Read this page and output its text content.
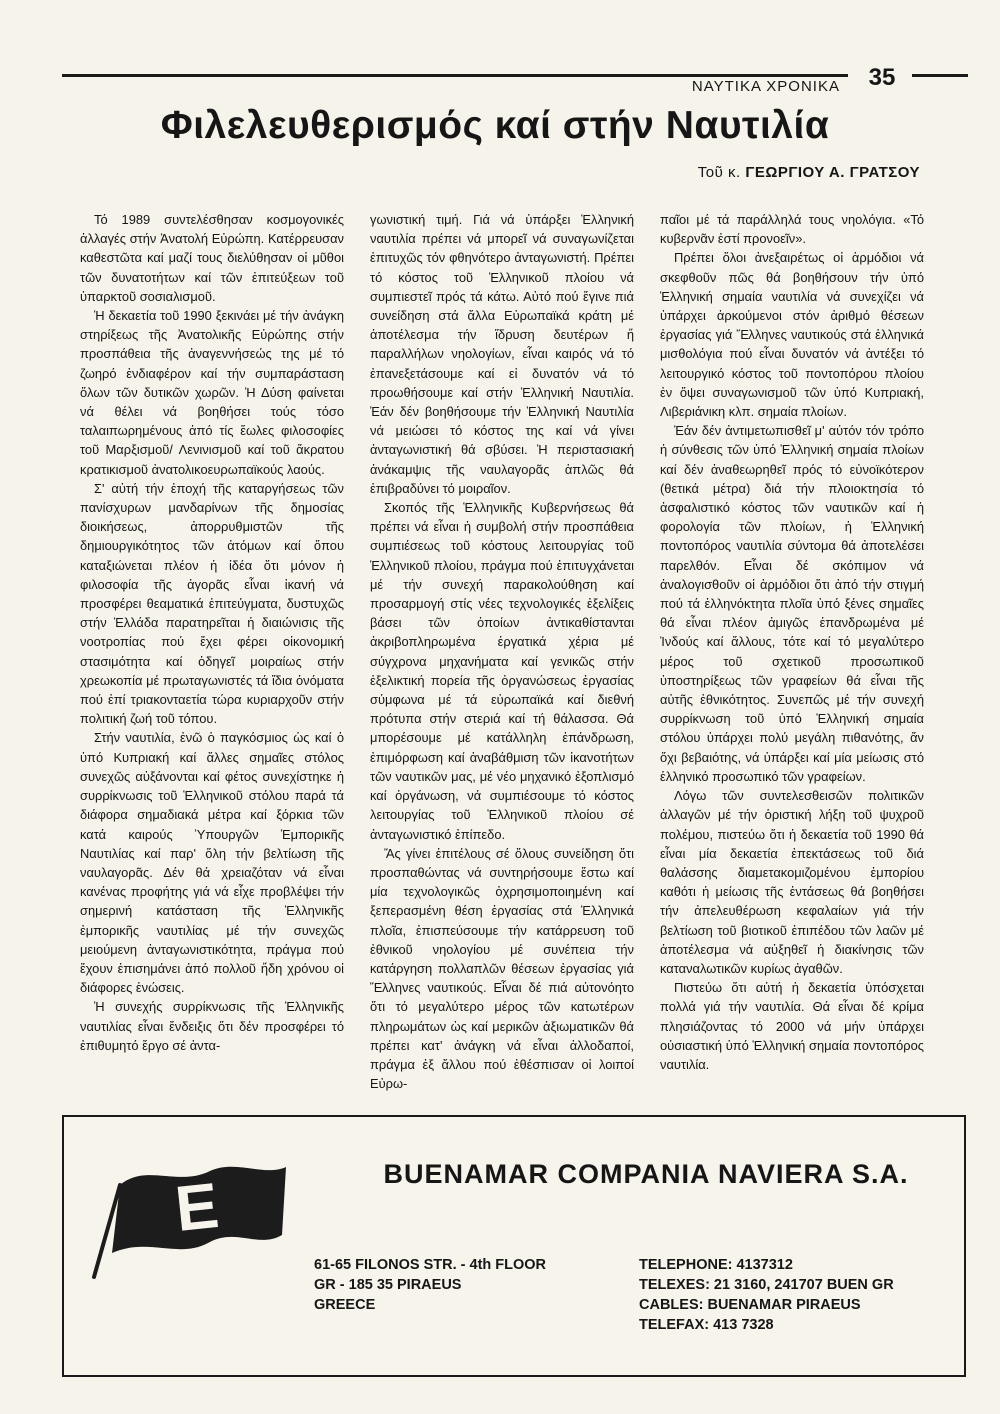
ΝΑΥΤΙΚΑ ΧΡΟΝΙΚΑ	35
Φιλελευθερισμός καί στήν Ναυτιλία
Τοῦ κ. ΓΕΩΡΓΙΟΥ Α. ΓΡΑΤΣΟΥ

Τό 1989 συντελέσθησαν κοσμογονικές ἀλλαγές στήν Ἀνατολή Εὐρώπη. Κατέρρευσαν καθεστῶτα καί μαζί τους διελύθησαν οἱ μῦθοι τῶν δυνατοτήτων καί τῶν ἐπιτεύξεων τοῦ ὑπαρκτοῦ σοσιαλισμοῦ.

Ἡ δεκαετία τοῦ 1990 ξεκινάει μέ τήν ἀνάγκη στηρίξεως τῆς Ἀνατολικῆς Εὐρώπης στήν προσπάθεια τῆς ἀναγεννήσεώς της μέ τό ζωηρό ἐνδιαφέρον καί τήν συμπαράσταση ὅλων τῶν δυτικῶν χωρῶν. Ἡ Δύση φαίνεται νά θέλει νά βοηθήσει τούς τόσο ταλαιπωρημένους ἀπό τίς ἕωλες φιλοσοφίες τοῦ Μαρξισμοῦ/ Λενινισμοῦ καί τοῦ ἄκρατου κρατικισμοῦ ἀνατολικοευρωπαϊκούς λαούς.

Σ' αὐτή τήν ἐποχή τῆς καταργήσεως τῶν πανίσχυρων μανδαρίνων τῆς δημοσίας διοικήσεως, ἀπορρυθμιστῶν τῆς δημιουργικότητος τῶν ἀτόμων καί ὅπου καταξιώνεται πλέον ἡ ἰδέα ὅτι μόνον ἡ φιλοσοφία τῆς ἀγορᾶς εἶναι ἱκανή νά προσφέρει θεαματικά ἐπιτεύγματα, δυστυχῶς στήν Ἑλλάδα παρατηρεῖται ἡ διαιώνισις τῆς νοοτροπίας πού ἔχει φέρει οἰκονομική στασιμότητα καί ὁδηγεῖ μοιραίως στήν χρεωκοπία μέ πρωταγωνιστές τά ἴδια ὀνόματα πού ἐπί τριακονταετία τώρα κυριαρχοῦν στήν πολιτική ζωή τοῦ τόπου.

Στήν ναυτιλία, ἐνῶ ὁ παγκόσμιος ὡς καί ὁ ὑπό Κυπριακή καί ἄλλες σημαῖες στόλος συνεχῶς αὐξάνονται καί φέτος συνεχίστηκε ἡ συρρίκνωσις τοῦ Ἑλληνικοῦ στόλου παρά τά διάφορα σημαδιακά μέτρα καί ξόρκια τῶν κατά καιρούς Ὑπουργῶν Ἐμπορικῆς Ναυτιλίας καί παρ' ὅλη τήν βελτίωση τῆς ναυλαγορᾶς. Δέν θά χρειαζόταν νά εἶναι κανένας προφήτης γιά νά εἶχε προβλέψει τήν σημερινή κατάσταση τῆς Ἑλληνικῆς ἐμπορικῆς ναυτιλίας μέ τήν συνεχῶς μειούμενη ἀνταγωνιστικότητα, πράγμα πού ἔχουν ἐπισημάνει ἀπό πολλοῦ ἤδη χρόνου οἱ διάφορες ἑνώσεις.

Ἡ συνεχής συρρίκνωσις τῆς Ἑλληνικῆς ναυτιλίας εἶναι ἔνδειξις ὅτι δέν προσφέρει τό ἐπιθυμητό ἔργο σέ ἀντα-

γωνιστική τιμή. Γιά νά ὑπάρξει Ἑλληνική ναυτιλία πρέπει νά μπορεῖ νά συναγωνίζεται ἐπιτυχῶς τόν φθηνότερο ἀνταγωνιστή. Πρέπει τό κόστος τοῦ Ἑλληνικοῦ πλοίου νά συμπιεστεῖ πρός τά κάτω. Αὐτό πού ἔγινε πιά συνείδηση στά ἄλλα Εὐρωπαϊκά κράτη μέ ἀποτέλεσμα τήν ἵδρυση δευτέρων ἤ παραλλήλων νηολογίων, εἶναι καιρός νά τό ἐπανεξετάσουμε καί εἰ δυνατόν νά τό προωθήσουμε καί στήν Ἑλληνική Ναυτιλία. Ἐάν δέν βοηθήσουμε τήν Ἑλληνική Ναυτιλία νά μειώσει τό κόστος της καί νά γίνει ἀνταγωνιστική θά σβύσει. Ἡ περιστασιακή ἀνάκαμψις τῆς ναυλαγορᾶς ἁπλῶς θά ἐπιβραδύνει τό μοιραῖον.

Σκοπός τῆς Ἑλληνικῆς Κυβερνήσεως θά πρέπει νά εἶναι ἡ συμβολή στήν προσπάθεια συμπιέσεως τοῦ κόστους λειτουργίας τοῦ Ἑλληνικοῦ πλοίου, πράγμα πού ἐπιτυγχάνεται μέ τήν συνεχή παρακολούθηση καί προσαρμογή στίς νέες τεχνολογικές ἐξελίξεις βάσει τῶν ὁποίων ἀντικαθίστανται ἀκριβοπληρωμένα ἐργατικά χέρια μέ σύγχρονα μηχανήματα καί γενικῶς στήν ἐξελικτική πορεία τῆς ὀργανώσεως ἐργασίας σύμφωνα μέ τά εὐρωπαϊκά καί διεθνή πρότυπα στήν στεριά καί τή θάλασσα. Θά μπορέσουμε μέ κατάλληλη ἐπάνδρωση, ἐπιμόρφωση καί ἀναβάθμιση τῶν ἱκανοτήτων τῶν ναυτικῶν μας, μέ νέο μηχανικό ἐξοπλισμό καί ὀργάνωση, νά συμπιέσουμε τό κόστος λειτουργίας τοῦ Ἑλληνικοῦ πλοίου σέ ἀνταγωνιστικό ἐπίπεδο.

Ἄς γίνει ἐπιτέλους σέ ὅλους συνείδηση ὅτι προσπαθώντας νά συντηρήσουμε ἔστω καί μία τεχνολογικῶς ὀχρησιμοποιημένη καί ξεπερασμένη θέση ἐργασίας στά Ἑλληνικά πλοῖα, ἐπισπεύσουμε τήν κατάρρευση τοῦ ἐθνικοῦ νηολογίου μέ συνέπεια τήν κατάργηση πολλαπλῶν θέσεων ἐργασίας γιά Ἕλληνες ναυτικούς. Εἶναι δέ πιά αὐτονόητο ὅτι τό μεγαλύτερο μέρος τῶν κατωτέρων πληρωμάτων ὡς καί μερικῶν ἀξιωματικῶν θά πρέπει κατ' ἀνάγκη νά εἶναι ἀλλοδαποί, πράγμα ἐξ ἄλλου πού ἐθέσπισαν οἱ λοιποί Εὐρω-

παῖοι μέ τά παράλληλά τους νηολόγια. «Τό κυβερνᾶν ἐστί προνοεῖν».

Πρέπει ὅλοι ἀνεξαιρέτως οἱ ἁρμόδιοι νά σκεφθοῦν πῶς θά βοηθήσουν τήν ὑπό Ἑλληνική σημαία ναυτιλία νά συνεχίζει νά ὑπάρχει ἀρκούμενοι στόν ἀριθμό θέσεων ἐργασίας γιά Ἕλληνες ναυτικούς στά ἑλληνικά μισθολόγια πού εἶναι δυνατόν νά ἀντέξει τό λειτουργικό κόστος τοῦ ποντοπόρου πλοίου ἐν ὄψει συναγωνισμοῦ τῶν ὑπό Κυπριακή, Λιβεριάνικη κλπ. σημαία πλοίων.

Ἐάν δέν ἀντιμετωπισθεῖ μ' αὐτόν τόν τρόπο ἡ σύνθεσις τῶν ὑπό Ἑλληνική σημαία πλοίων καί δέν ἀναθεωρηθεῖ πρός τό εὐνοϊκότερον (θετικά μέτρα) διά τήν πλοιοκτησία τό ἀσφαλιστικό κόστος τῶν ναυτικῶν καί ἡ φορολογία τῶν πλοίων, ἡ Ἑλληνική ποντοπόρος ναυτιλία σύντομα θά ἀποτελέσει παρελθόν. Εἶναι δέ σκόπιμον νά ἀναλογισθοῦν οἱ ἁρμόδιοι ὅτι ἀπό τήν στιγμή πού τά ἑλληνόκτητα πλοῖα ὑπό ξένες σημαῖες θά εἶναι πλέον ἀμιγῶς ἐπανδρωμένα μέ Ἰνδούς καί ἄλλους, τότε καί τό μεγαλύτερο μέρος τοῦ σχετικοῦ προσωπικοῦ ὑποστηρίξεως τῶν γραφείων θά εἶναι τῆς αὐτῆς ἐθνικότητος. Συνεπῶς μέ τήν συνεχή συρρίκνωση τοῦ ὑπό Ἑλληνική σημαία στόλου ὑπάρχει πολύ μεγάλη πιθανότης, ἄν ὄχι βεβαιότης, νά ὑπάρξει καί μία μείωσις στό ἑλληνικό προσωπικό τῶν γραφείων.

Λόγω τῶν συντελεσθεισῶν πολιτικῶν ἀλλαγῶν μέ τήν ὁριστική λήξη τοῦ ψυχροῦ πολέμου, πιστεύω ὅτι ἡ δεκαετία τοῦ 1990 θά εἶναι μία δεκαετία ἐπεκτάσεως τοῦ διά θαλάσσης διαμετακομιζομένου ἐμπορίου καθότι ἡ μείωσις τῆς ἐντάσεως θά βοηθήσει τήν ἀπελευθέρωση κεφαλαίων γιά τήν βελτίωση τοῦ βιοτικοῦ ἐπιπέδου τῶν λαῶν μέ ἀποτέλεσμα νά αὐξηθεῖ ἡ διακίνησις τῶν καταναλωτικῶν κυρίως ἀγαθῶν.

Πιστεύω ὅτι αὐτή ἡ δεκαετία ὑπόσχεται πολλά γιά τήν ναυτιλία. Θά εἶναι δέ κρίμα πλησιάζοντας τό 2000 νά μήν ὑπάρχει οὐσιαστική ὑπό Ἑλληνική σημαία ποντοπόρος ναυτιλία.

E	BUENAMAR COMPANIA NAVIERA S.A.
61-65 FILONOS STR. - 4th FLOOR
GR - 185 35 PIRAEUS
GREECE
TELEPHONE: 4137312
TELEXES: 21 3160, 241707 BUEN GR
CABLES: BUENAMAR PIRAEUS
TELEFAX: 413 7328
